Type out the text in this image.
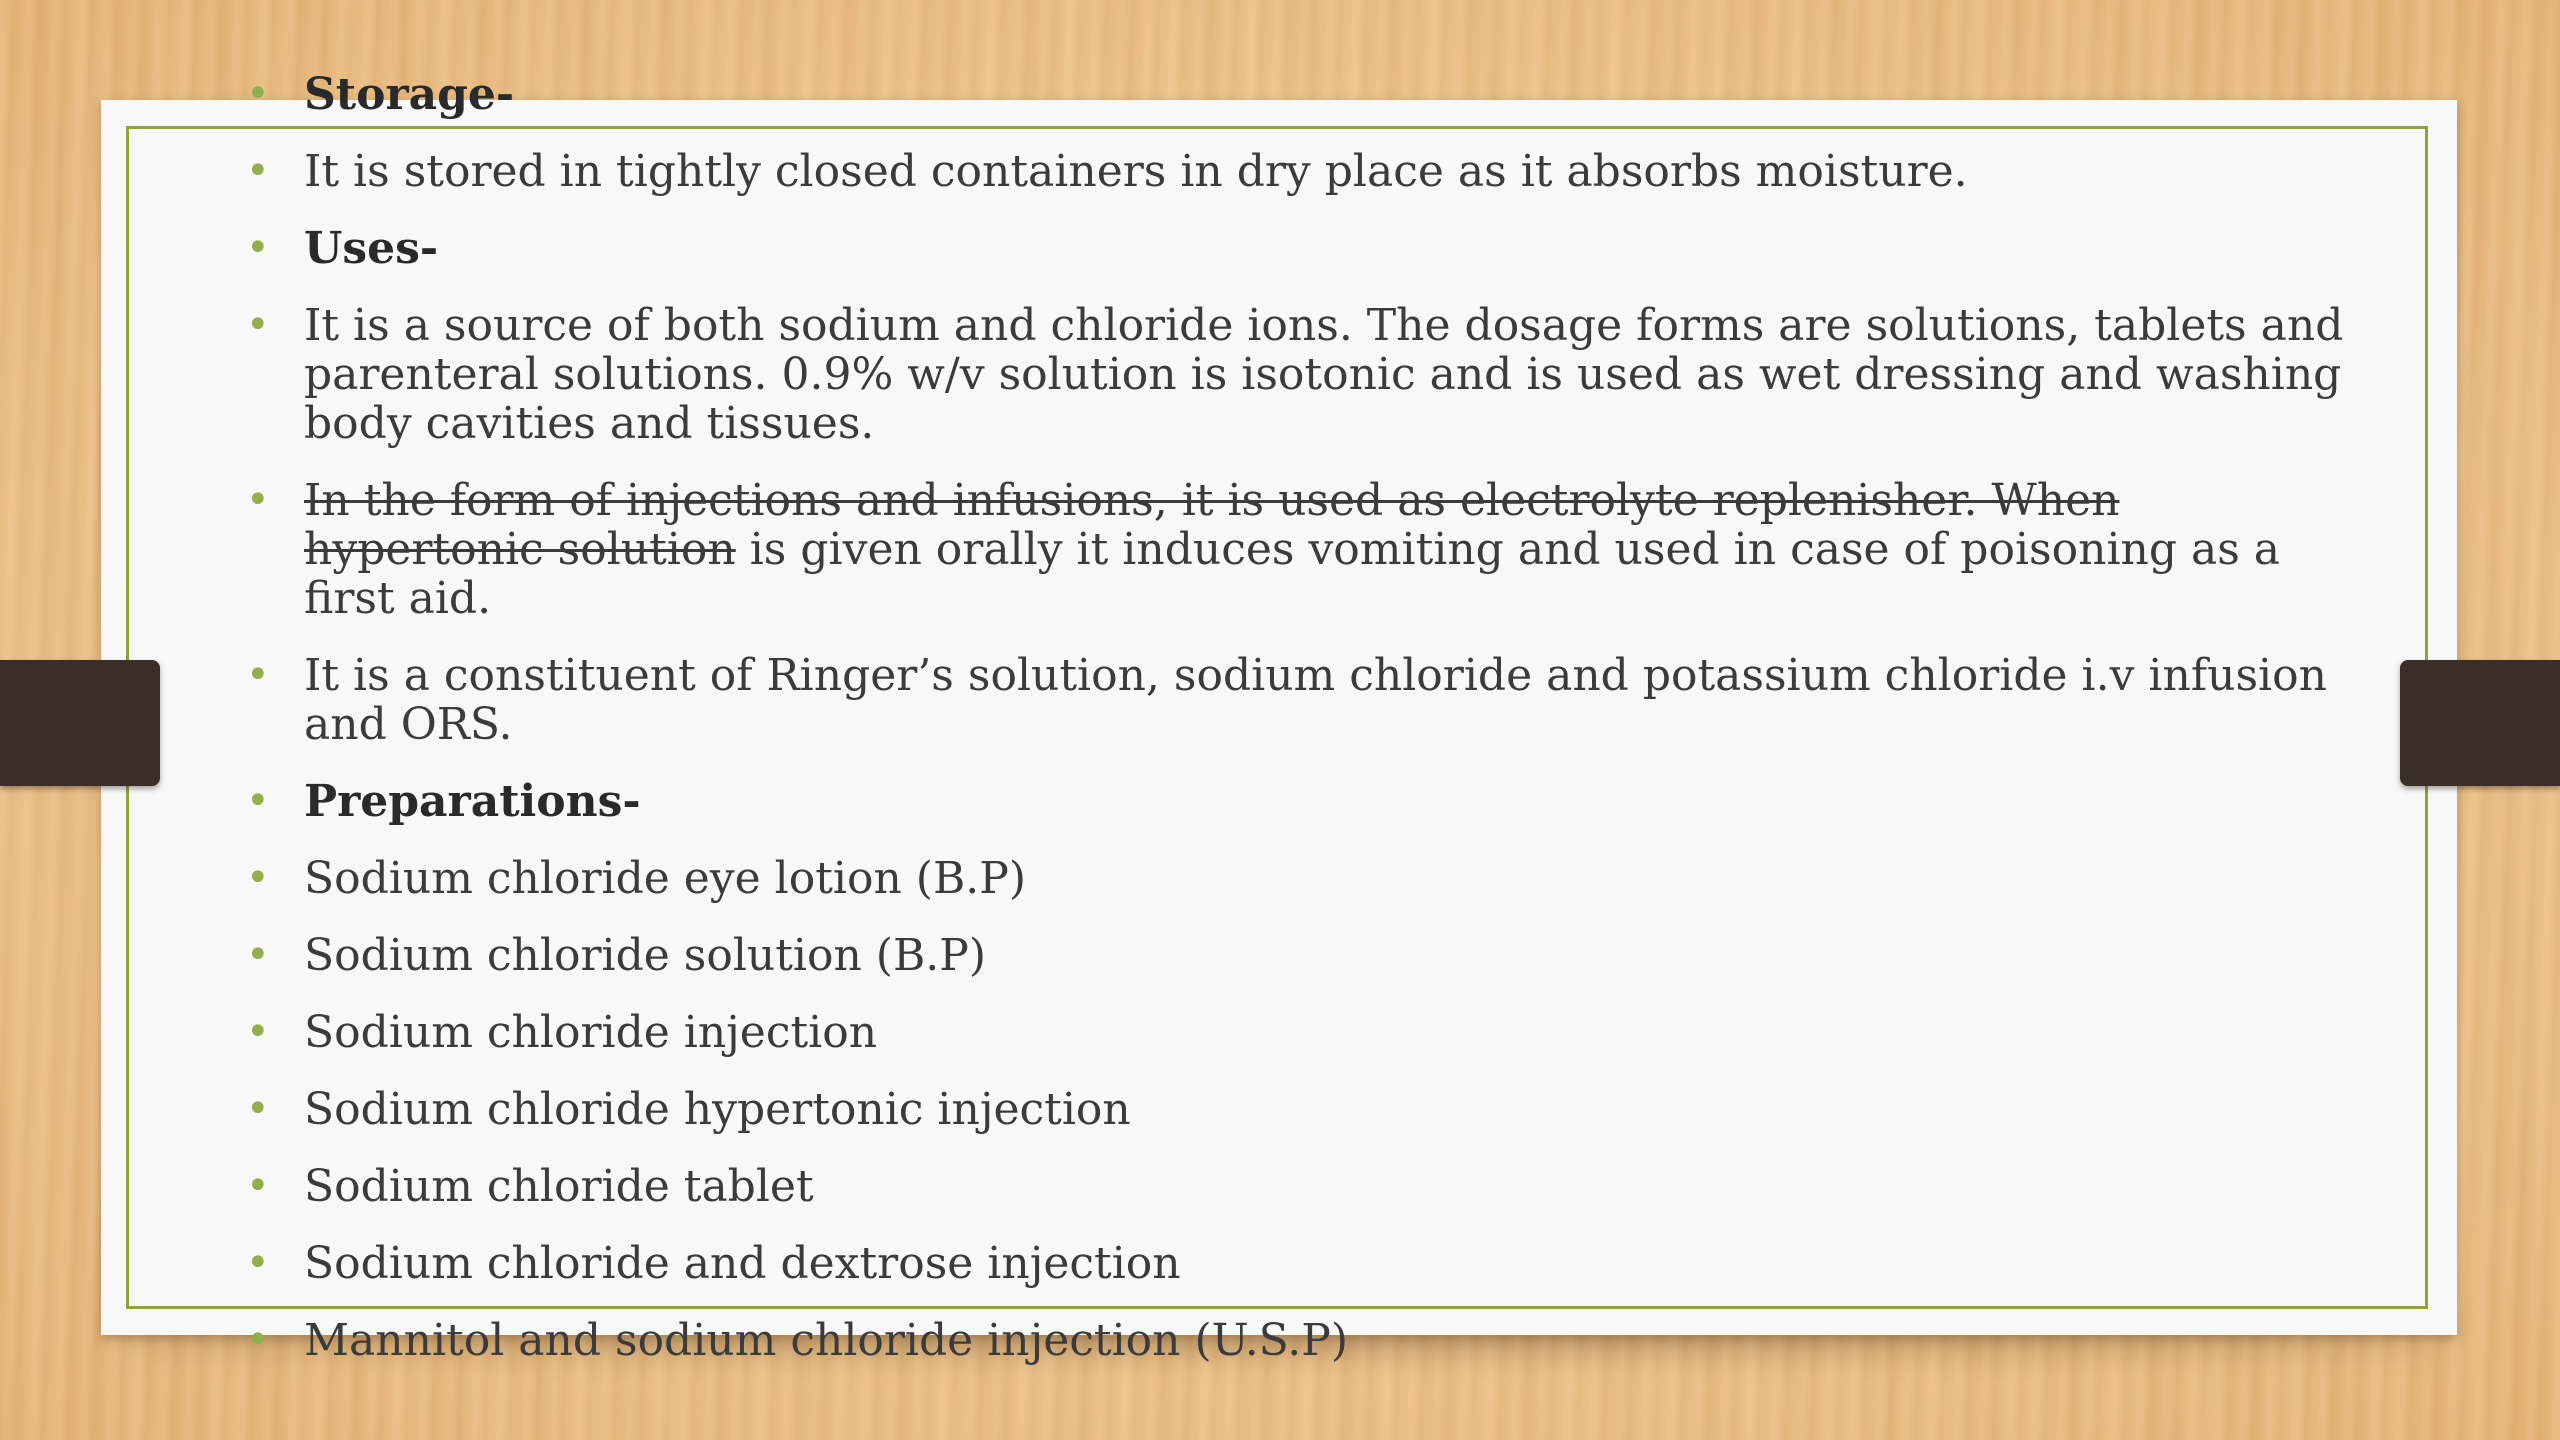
• Storage-
• It is stored in tightly closed containers in dry place as it absorbs moisture.
• Uses-
• It is a source of both sodium and chloride ions. The dosage forms are solutions, tablets and parenteral solutions. 0.9% w/v solution is isotonic and is used as wet dressing and washing body cavities and tissues.
• In the form of injections and infusions, it is used as electrolyte replenisher. When hypertonic solution is given orally it induces vomiting and used in case of poisoning as a first aid.
• It is a constituent of Ringer’s solution, sodium chloride and potassium chloride i.v infusion and ORS.
• Preparations-
• Sodium chloride eye lotion (B.P)
• Sodium chloride solution (B.P)
• Sodium chloride injection
• Sodium chloride hypertonic injection
• Sodium chloride tablet
• Sodium chloride and dextrose injection
• Mannitol and sodium chloride injection (U.S.P)
